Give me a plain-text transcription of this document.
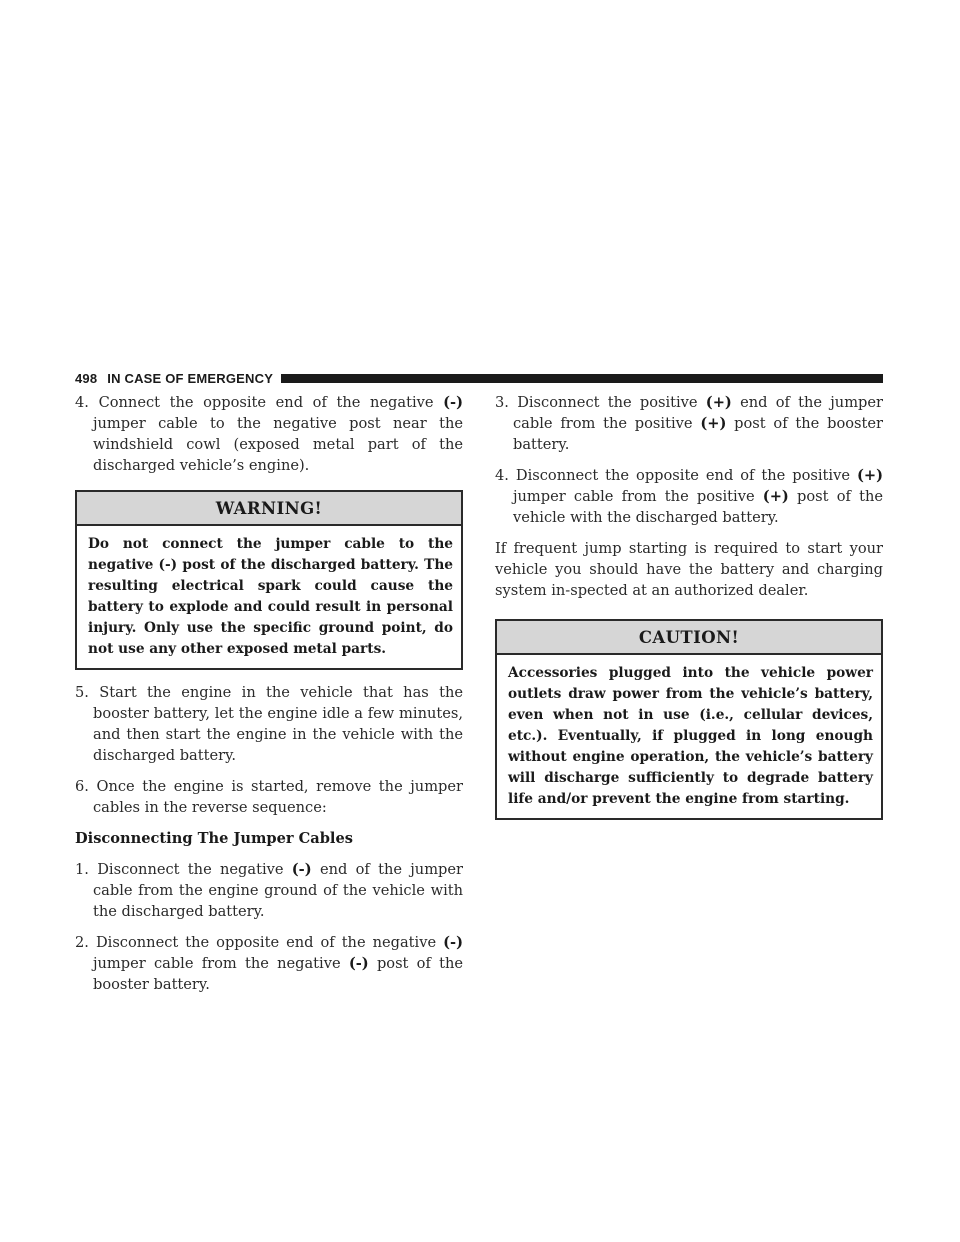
498 IN CASE OF EMERGENCY

4. Connect the opposite end of the negative (-) jumper cable to the negative post near the windshield cowl (exposed metal part of the discharged vehicle’s engine).

WARNING!
Do not connect the jumper cable to the negative (-) post of the discharged battery. The resulting electrical spark could cause the battery to explode and could result in personal injury. Only use the specific ground point, do not use any other exposed metal parts.

5. Start the engine in the vehicle that has the booster battery, let the engine idle a few minutes, and then start the engine in the vehicle with the discharged battery.

6. Once the engine is started, remove the jumper cables in the reverse sequence:

Disconnecting The Jumper Cables

1. Disconnect the negative (-) end of the jumper cable from the engine ground of the vehicle with the discharged battery.

2. Disconnect the opposite end of the negative (-) jumper cable from the negative (-) post of the booster battery.

3. Disconnect the positive (+) end of the jumper cable from the positive (+) post of the booster battery.

4. Disconnect the opposite end of the positive (+) jumper cable from the positive (+) post of the vehicle with the discharged battery.

If frequent jump starting is required to start your vehicle you should have the battery and charging system in-spected at an authorized dealer.

CAUTION!
Accessories plugged into the vehicle power outlets draw power from the vehicle’s battery, even when not in use (i.e., cellular devices, etc.). Eventually, if plugged in long enough without engine operation, the vehicle’s battery will discharge sufficiently to degrade battery life and/or prevent the engine from starting.
